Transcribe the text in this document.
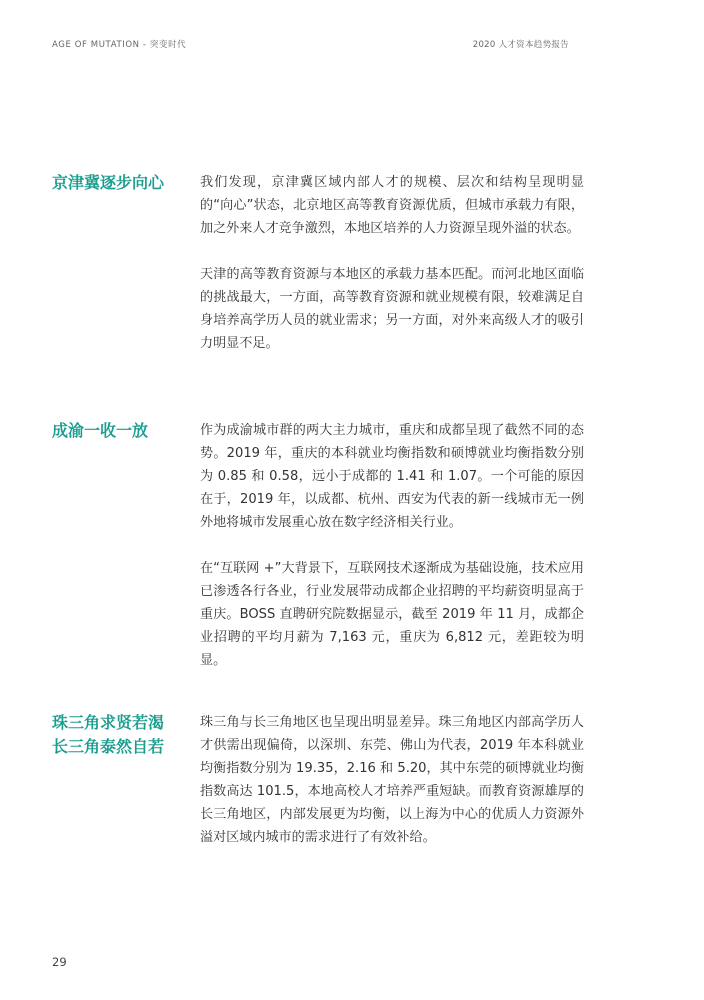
AGE OF MUTATION - 突变时代	2020 人才资本趋势报告
京津冀逐步向心	我们发现，京津冀区域内部人才的规模、层次和结构呈现明显的“向心”状态，北京地区高等教育资源优质，但城市承载力有限，加之外来人才竞争激烈，本地区培养的人力资源呈现外溢的状态。

天津的高等教育资源与本地区的承载力基本匹配。而河北地区面临的挑战最大，一方面，高等教育资源和就业规模有限，较难满足自身培养高学历人员的就业需求；另一方面，对外来高级人才的吸引力明显不足。

成渝一收一放	作为成渝城市群的两大主力城市，重庆和成都呈现了截然不同的态势。2019 年，重庆的本科就业均衡指数和硕博就业均衡指数分别为 0.85 和 0.58，远小于成都的 1.41 和 1.07。一个可能的原因在于，2019 年，以成都、杭州、西安为代表的新一线城市无一例外地将城市发展重心放在数字经济相关行业。

在“互联网 +”大背景下，互联网技术逐渐成为基础设施，技术应用已渗透各行各业，行业发展带动成都企业招聘的平均薪资明显高于重庆。BOSS 直聘研究院数据显示，截至 2019 年 11 月，成都企业招聘的平均月薪为 7,163 元，重庆为 6,812 元，差距较为明显。

珠三角求贤若渴
长三角泰然自若

珠三角与长三角地区也呈现出明显差异。珠三角地区内部高学历人才供需出现偏倚，以深圳、东莞、佛山为代表，2019 年本科就业均衡指数分别为 19.35，2.16 和 5.20，其中东莞的硕博就业均衡指数高达 101.5，本地高校人才培养严重短缺。而教育资源雄厚的长三角地区，内部发展更为均衡，以上海为中心的优质人力资源外溢对区域内城市的需求进行了有效补给。

29
